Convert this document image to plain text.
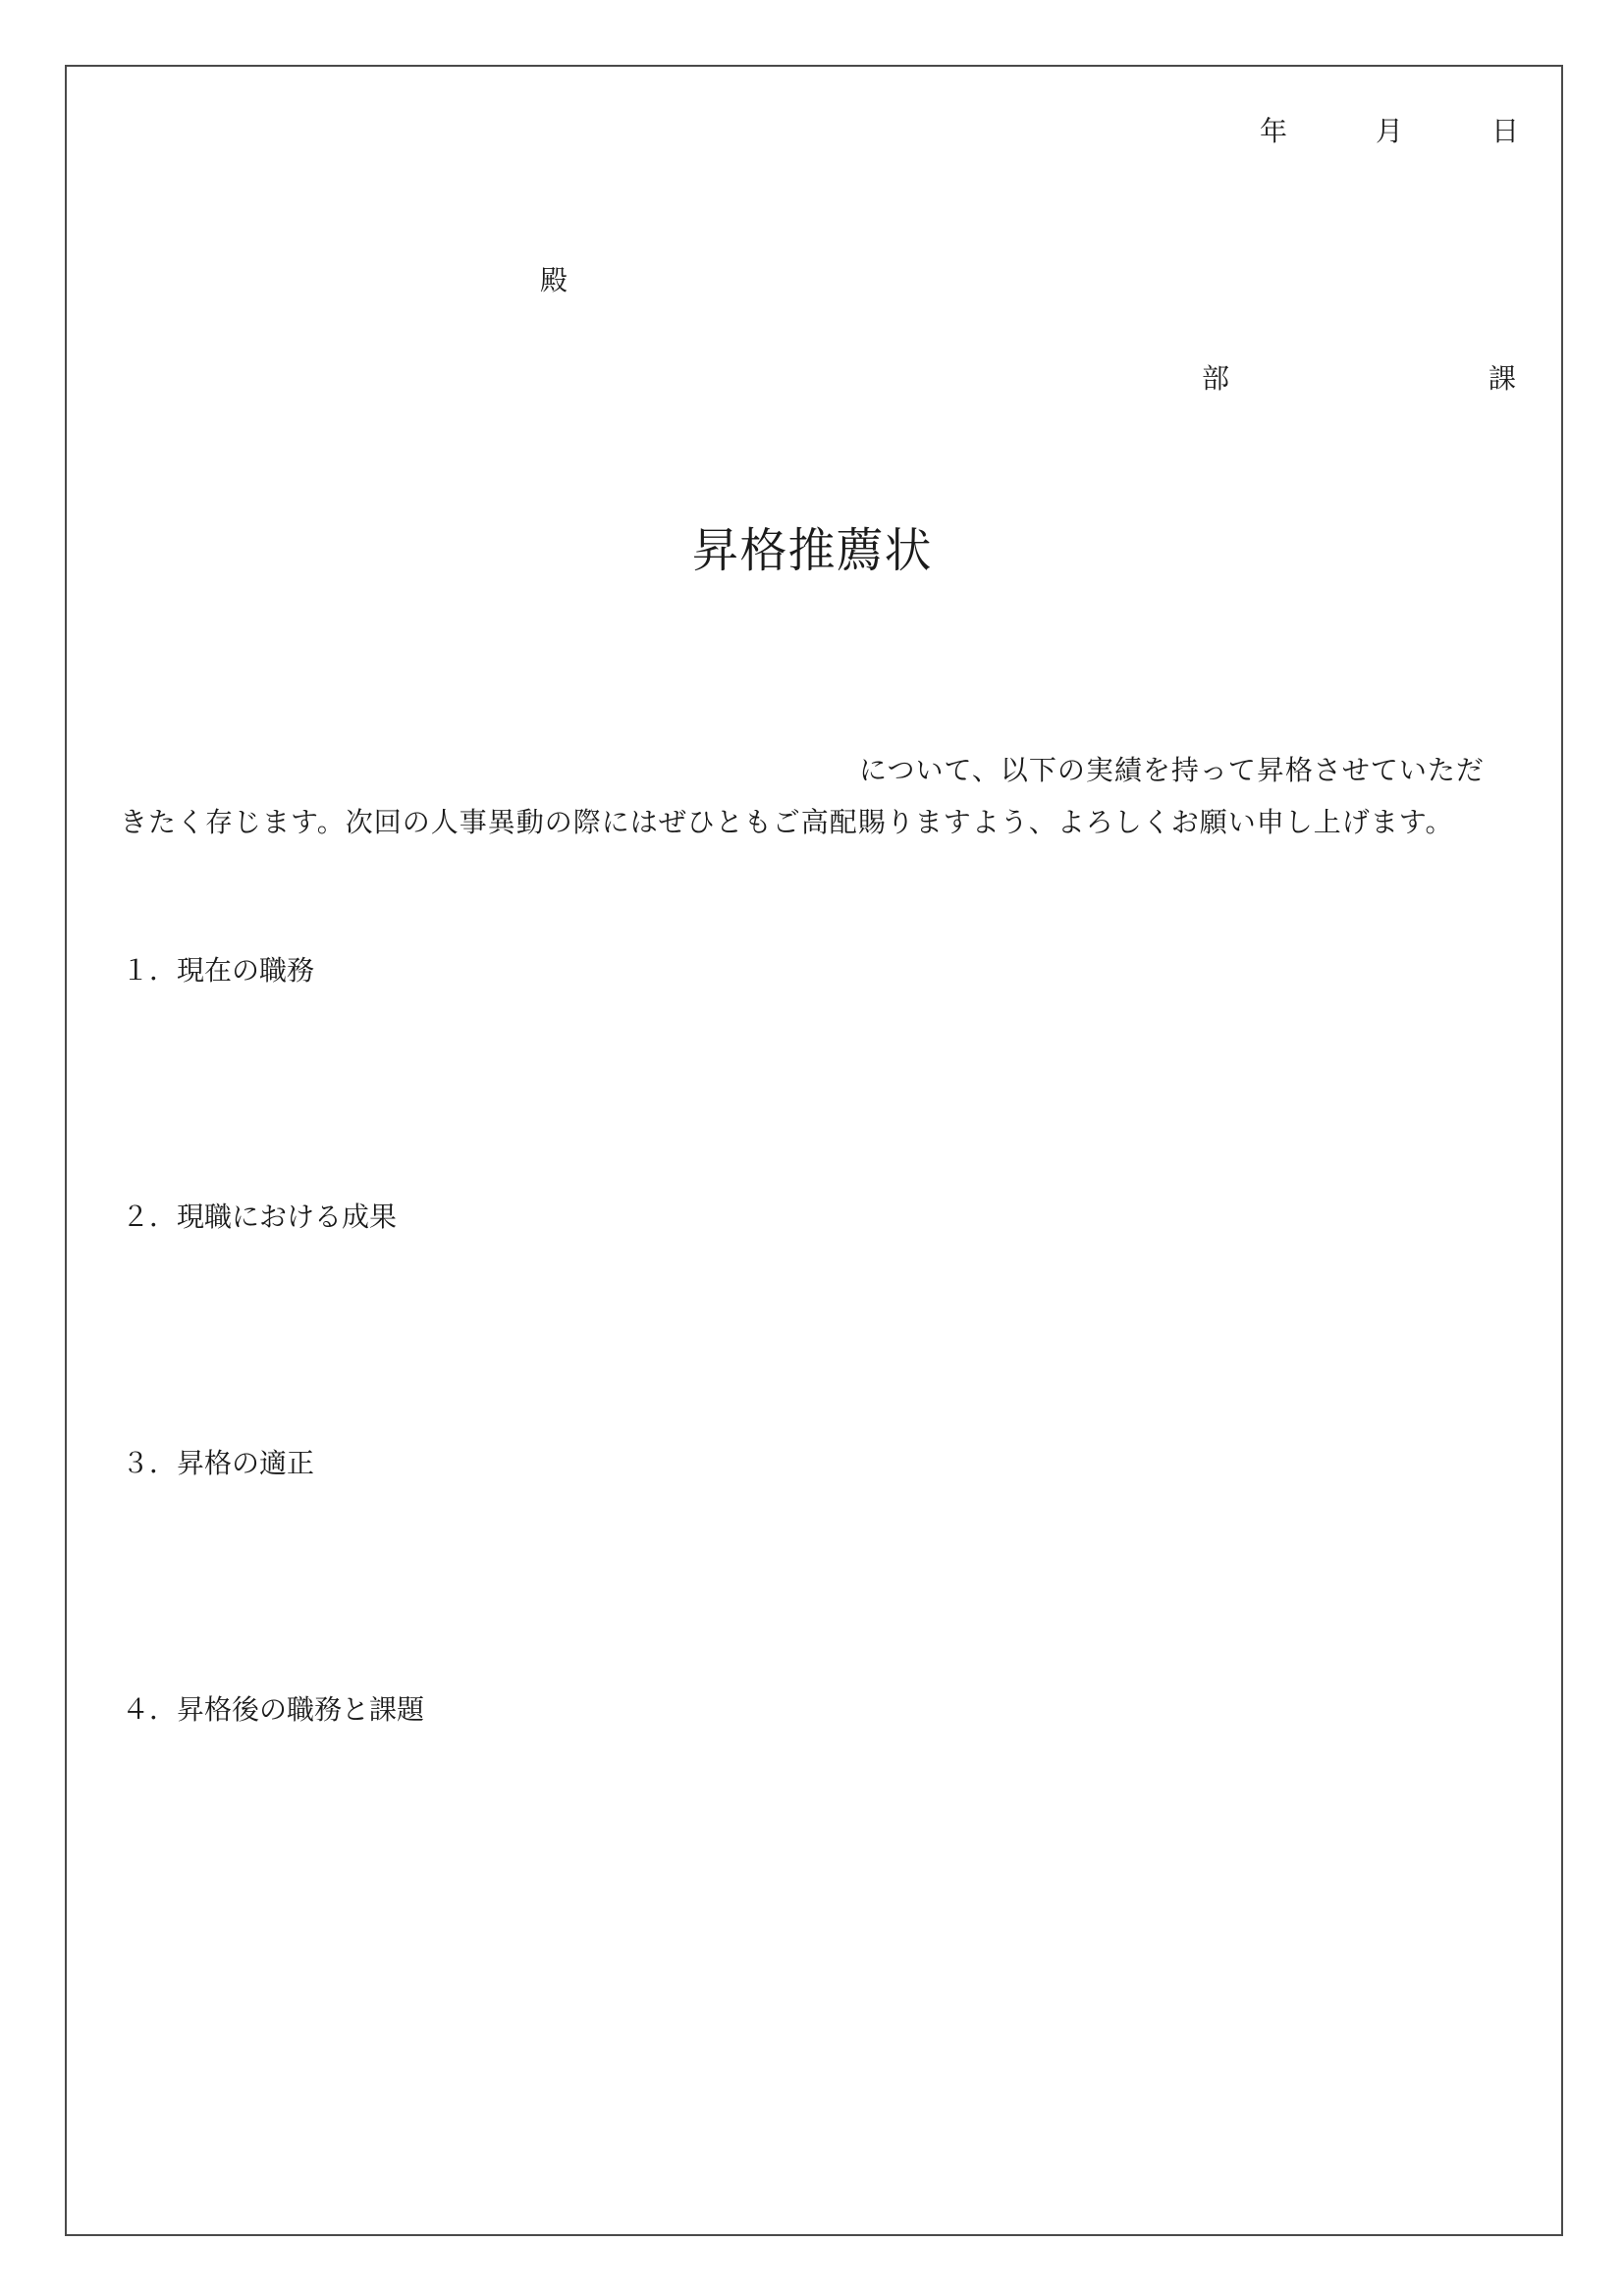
年	月	日
殿
部	課
昇格推薦状
について、以下の実績を持って昇格させていただ
きたく存じます。次回の人事異動の際にはぜひともご高配賜りますよう、よろしくお願い申し上げます。
１．現在の職務
２．現職における成果
３．昇格の適正
４．昇格後の職務と課題
